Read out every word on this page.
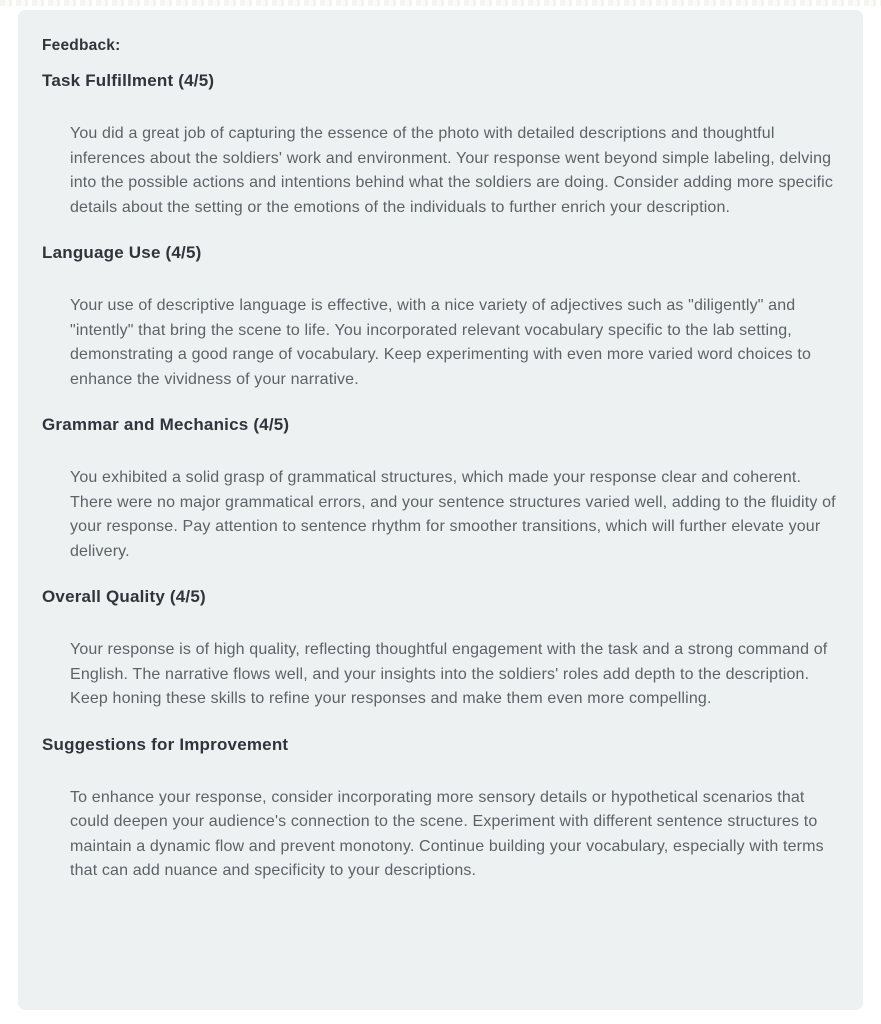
Feedback:
Task Fulfillment (4/5)

You did a great job of capturing the essence of the photo with detailed descriptions and thoughtful inferences about the soldiers' work and environment. Your response went beyond simple labeling, delving into the possible actions and intentions behind what the soldiers are doing. Consider adding more specific details about the setting or the emotions of the individuals to further enrich your description.

Language Use (4/5)

Your use of descriptive language is effective, with a nice variety of adjectives such as "diligently" and "intently" that bring the scene to life. You incorporated relevant vocabulary specific to the lab setting, demonstrating a good range of vocabulary. Keep experimenting with even more varied word choices to enhance the vividness of your narrative.

Grammar and Mechanics (4/5)

You exhibited a solid grasp of grammatical structures, which made your response clear and coherent. There were no major grammatical errors, and your sentence structures varied well, adding to the fluidity of your response. Pay attention to sentence rhythm for smoother transitions, which will further elevate your delivery.

Overall Quality (4/5)

Your response is of high quality, reflecting thoughtful engagement with the task and a strong command of English. The narrative flows well, and your insights into the soldiers' roles add depth to the description. Keep honing these skills to refine your responses and make them even more compelling.

Suggestions for Improvement

To enhance your response, consider incorporating more sensory details or hypothetical scenarios that could deepen your audience's connection to the scene. Experiment with different sentence structures to maintain a dynamic flow and prevent monotony. Continue building your vocabulary, especially with terms that can add nuance and specificity to your descriptions.
